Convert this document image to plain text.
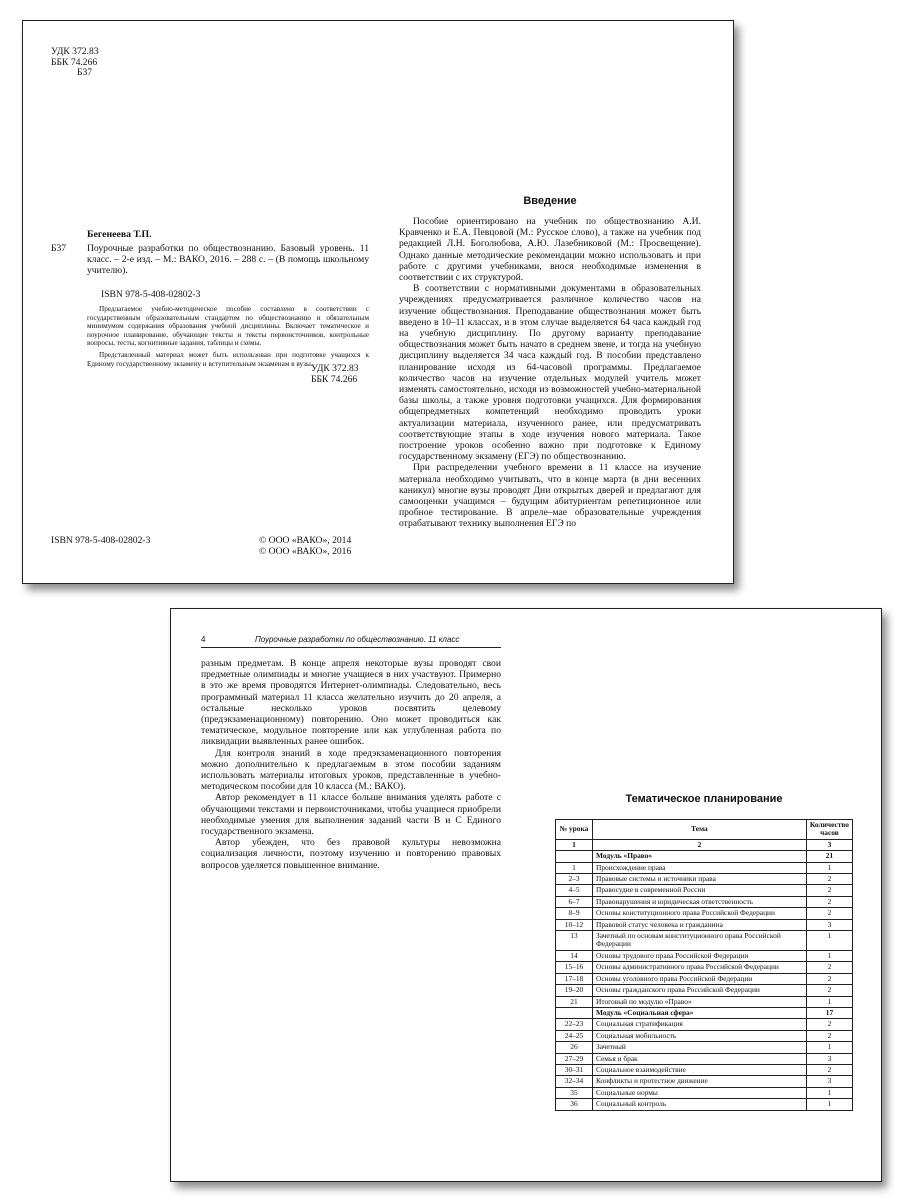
УДК 372.83
ББК 74.266
Б37
Бегенеева Т.П.
Б37 Поурочные разработки по обществознанию. Базовый уровень. 11 класс. – 2-е изд. – М.: ВАКО, 2016. – 288 с. – (В помощь школьному учителю).

ISBN 978-5-408-02802-3

Предлагаемое учебно-методическое пособие составлено в соответствии с государственным образовательным стандартом по обществознанию и обязательным минимумом содержания образования учебной дисциплины. Включает тематическое и поурочное планирование, обучающие тексты и тексты первоисточников, контрольные вопросы, тесты, когнитивные задания, таблицы и схемы.

Представленный материал может быть использован при подготовке учащихся к Единому государственному экзамену и вступительным экзаменам в вузы.

УДК 372.83
ББК 74.266
ISBN 978-5-408-02802-3	© ООО «ВАКО», 2014
© ООО «ВАКО», 2016
Введение

Пособие ориентировано на учебник по обществознанию А.И. Кравченко и Е.А. Певцовой (М.: Русское слово), а также на учебник под редакцией Л.Н. Боголюбова, А.Ю. Лазебниковой (М.: Просвещение). Однако данные методические рекомендации можно использовать и при работе с другими учебниками, внося необходимые изменения в соответствии с их структурой.

В соответствии с нормативными документами в образовательных учреждениях предусматривается различное количество часов на изучение обществознания. Преподавание обществознания может быть введено в 10–11 классах, и в этом случае выделяется 64 часа каждый год на учебную дисциплину. По другому варианту преподавание обществознания может быть начато в среднем звене, и тогда на учебную дисциплину выделяется 34 часа каждый год. В пособии представлено планирование исходя из 64-часовой программы. Предлагаемое количество часов на изучение отдельных модулей учитель может изменять самостоятельно, исходя из возможностей учебно-материальной базы школы, а также уровня подготовки учащихся. Для формирования общепредметных компетенций необходимо проводить уроки актуализации материала, изученного ранее, или предусматривать соответствующие этапы в ходе изучения нового материала. Такое построение уроков особенно важно при подготовке к Единому государственному экзамену (ЕГЭ) по обществознанию.

При распределении учебного времени в 11 классе на изучение материала необходимо учитывать, что в конце марта (в дни весенних каникул) многие вузы проводят Дни открытых дверей и предлагают для самооценки учащимся – будущим абитуриентам репетиционное или пробное тестирование. В апреле–мае образовательные учреждения отрабатывают технику выполнения ЕГЭ по

4	Поурочные разработки по обществознанию. 11 класс

разным предметам. В конце апреля некоторые вузы проводят свои предметные олимпиады и многие учащиеся в них участвуют. Примерно в это же время проводятся Интернет-олимпиады. Следовательно, весь программный материал 11 класса желательно изучить до 20 апреля, а остальные несколько уроков посвятить целевому (предэкзаменационному) повторению. Оно может проводиться как тематическое, модульное повторение или как углубленная работа по ликвидации выявленных ранее ошибок.

Для контроля знаний в ходе предэкзаменационного повторения можно дополнительно к предлагаемым в этом пособии заданиям использовать материалы итоговых уроков, представленные в учебно-методическом пособии для 10 класса (М.: ВАКО).

Автор рекомендует в 11 классе больше внимания уделять работе с обучающими текстами и первоисточниками, чтобы учащиеся приобрели необходимые умения для выполнения заданий части В и С Единого государственного экзамена.

Автор убежден, что без правовой культуры невозможна социализация личности, поэтому изучению и повторению правовых вопросов уделяется повышенное внимание.

Тематическое планирование
№ урока	Тема	Количество часов
1	2	3
	Модуль «Право»	21
1	Происхождение права	1
2–3	Правовые системы и источники права	2
4–5	Правосудие в современной России	2
6–7	Правонарушения и юридическая ответственность	2
8–9	Основы конституционного права Российской Федерации	2
10–12	Правовой статус человека и гражданина	3
13	Зачетный по основам конституционного права Российской Федерации	1
14	Основы трудового права Российской Федерации	1
15–16	Основы административного права Российской Федерации	2
17–18	Основы уголовного права Российской Федерации	2
19–20	Основы гражданского права Российской Федерации	2
21	Итоговый по модулю «Право»	1
	Модуль «Социальная сфера»	17
22–23	Социальная стратификация	2
24–25	Социальная мобильность	2
26	Зачетный	1
27–29	Семья и брак	3
30–31	Социальное взаимодействие	2
32–34	Конфликты и протестное движение	3
35	Социальные нормы	1
36	Социальный контроль	1
